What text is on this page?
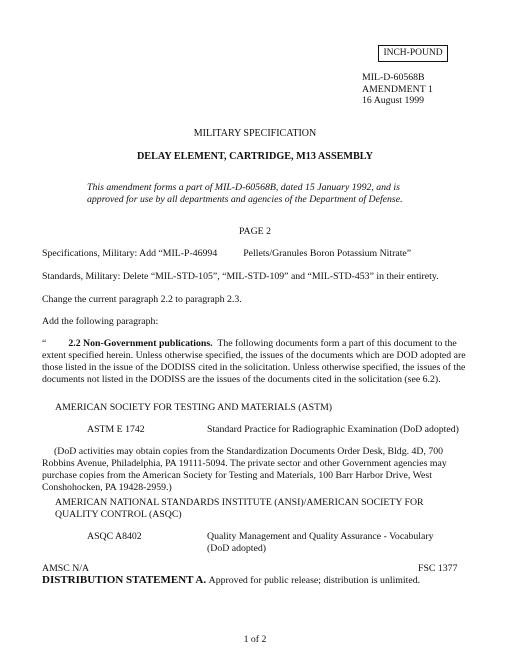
INCH-POUND
MIL-D-60568B
AMENDMENT 1
16 August 1999
MILITARY SPECIFICATION
DELAY ELEMENT, CARTRIDGE, M13 ASSEMBLY
This amendment forms a part of MIL-D-60568B, dated 15 January 1992, and is approved for use by all departments and agencies of the Department of Defense.
PAGE 2
Specifications, Military: Add “MIL-P-46994	Pellets/Granules Boron Potassium Nitrate”
Standards, Military: Delete “MIL-STD-105”, “MIL-STD-109” and “MIL-STD-453” in their entirety.
Change the current paragraph 2.2 to paragraph 2.3.
Add the following paragraph:
“ 2.2 Non-Government publications. The following documents form a part of this document to the extent specified herein. Unless otherwise specified, the issues of the documents which are DOD adopted are those listed in the issue of the DODISS cited in the solicitation. Unless otherwise specified, the issues of the documents not listed in the DODISS are the issues of the documents cited in the solicitation (see 6.2).
AMERICAN SOCIETY FOR TESTING AND MATERIALS (ASTM)
ASTM E 1742	Standard Practice for Radiographic Examination (DoD adopted)
(DoD activities may obtain copies from the Standardization Documents Order Desk, Bldg. 4D, 700 Robbins Avenue, Philadelphia, PA 19111-5094. The private sector and other Government agencies may purchase copies from the American Society for Testing and Materials, 100 Barr Harbor Drive, West Conshohocken, PA 19428-2959.)
AMERICAN NATIONAL STANDARDS INSTITUTE (ANSI)/AMERICAN SOCIETY FOR QUALITY CONTROL (ASQC)
ASQC A8402	Quality Management and Quality Assurance - Vocabulary
(DoD adopted)
AMSC N/A	FSC 1377
DISTRIBUTION STATEMENT A. Approved for public release; distribution is unlimited.
1 of 2
